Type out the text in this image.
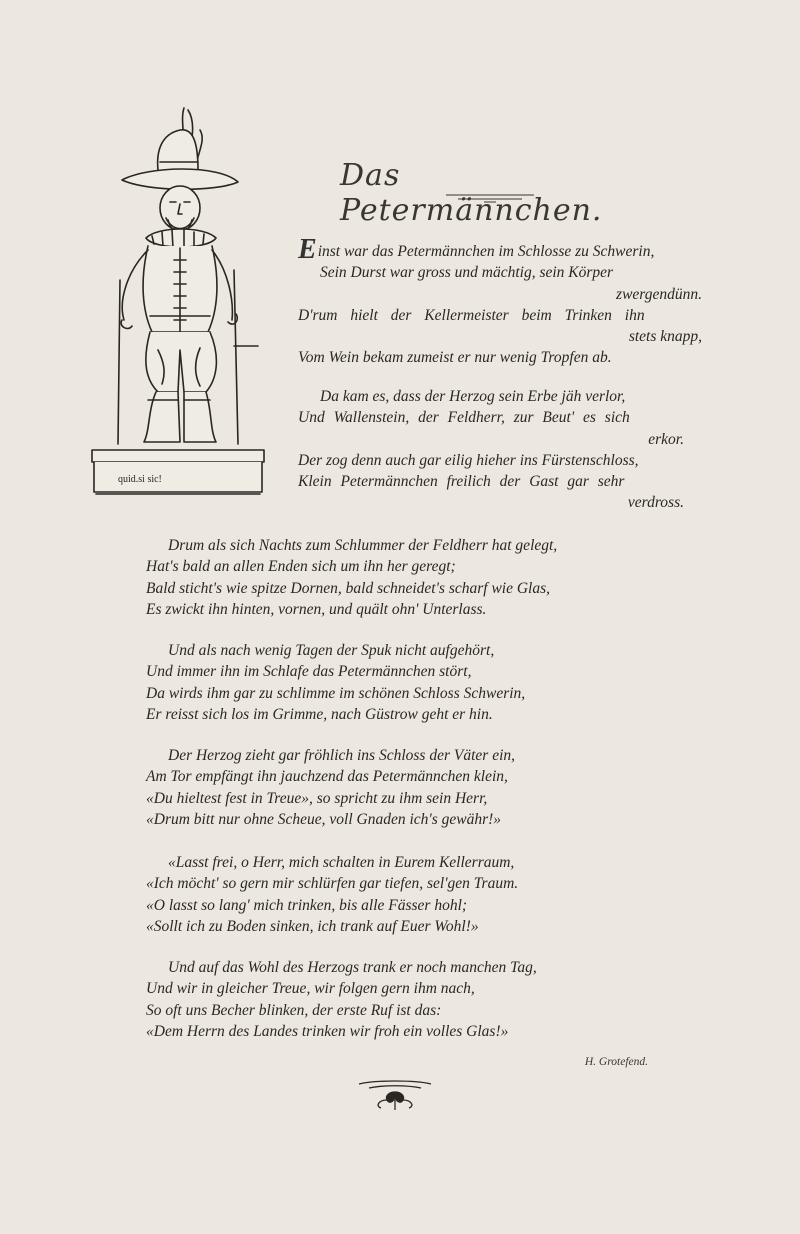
quid.si sic!
Das Petermännchen.
Einst war das Petermännchen im Schlosse zu Schwerin,
Sein Durst war gross und mächtig, sein Körper
zwergendünn.
D'rum hielt der Kellermeister beim Trinken ihn
stets knapp,
Vom Wein bekam zumeist er nur wenig Tropfen ab.
Da kam es, dass der Herzog sein Erbe jäh verlor,
Und Wallenstein, der Feldherr, zur Beut' es sich
erkor.
Der zog denn auch gar eilig hieher ins Fürstenschloss,
Klein Petermännchen freilich der Gast gar sehr
verdross.
Drum als sich Nachts zum Schlummer der Feldherr hat gelegt,
Hat's bald an allen Enden sich um ihn her geregt;
Bald sticht's wie spitze Dornen, bald schneidet's scharf wie Glas,
Es zwickt ihn hinten, vornen, und quält ohn' Unterlass.
Und als nach wenig Tagen der Spuk nicht aufgehört,
Und immer ihn im Schlafe das Petermännchen stört,
Da wirds ihm gar zu schlimme im schönen Schloss Schwerin,
Er reisst sich los im Grimme, nach Güstrow geht er hin.
Der Herzog zieht gar fröhlich ins Schloss der Väter ein,
Am Tor empfängt ihn jauchzend das Petermännchen klein,
«Du hieltest fest in Treue», so spricht zu ihm sein Herr,
«Drum bitt nur ohne Scheue, voll Gnaden ich's gewähr!»
«Lasst frei, o Herr, mich schalten in Eurem Kellerraum,
«Ich möcht' so gern mir schlürfen gar tiefen, sel'gen Traum.
«O lasst so lang' mich trinken, bis alle Fässer hohl;
«Sollt ich zu Boden sinken, ich trank auf Euer Wohl!»
Und auf das Wohl des Herzogs trank er noch manchen Tag,
Und wir in gleicher Treue, wir folgen gern ihm nach,
So oft uns Becher blinken, der erste Ruf ist das:
«Dem Herrn des Landes trinken wir froh ein volles Glas!»
H. Grotefend.
